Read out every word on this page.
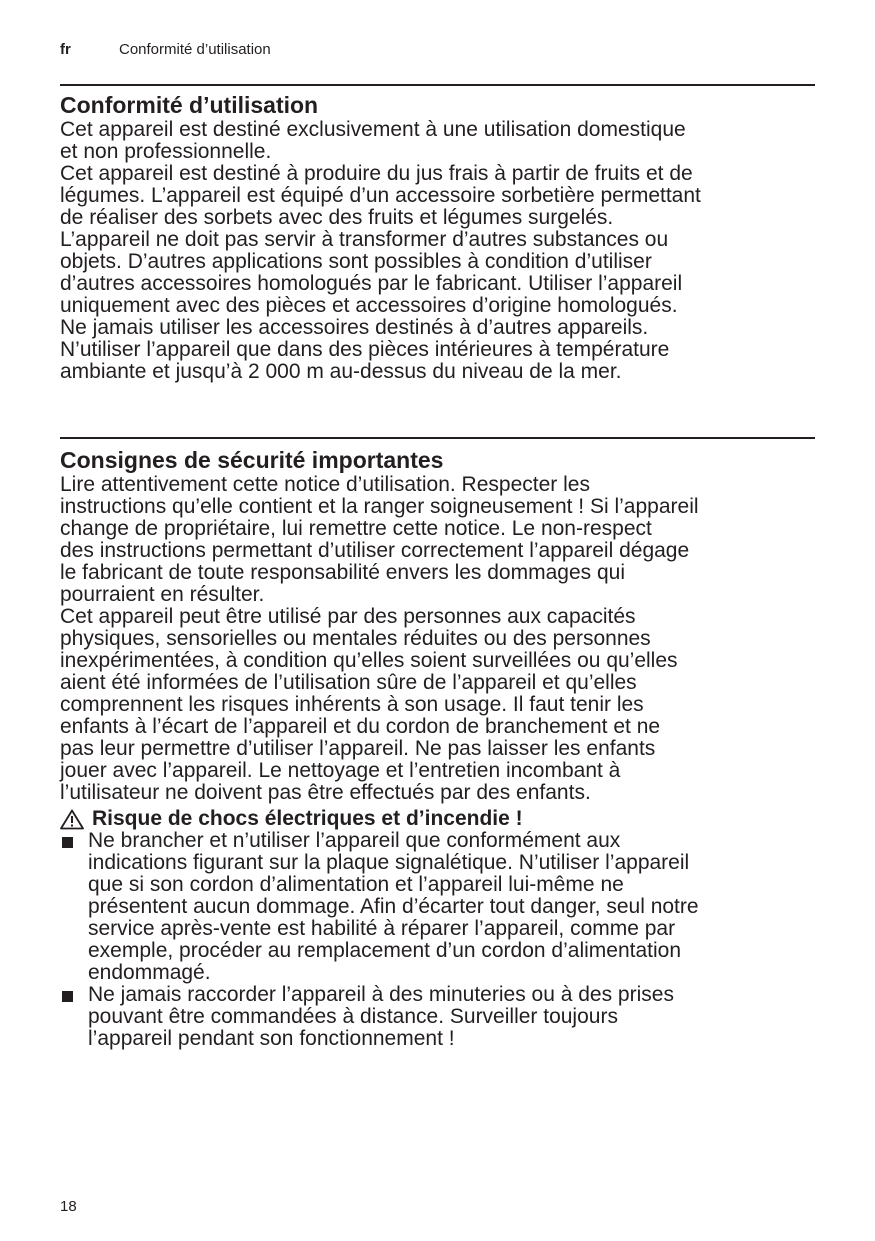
fr	Conformité d’utilisation
Conformité d’utilisation
Cet appareil est destiné exclusivement à une utilisation domestique
et non professionnelle.
Cet appareil est destiné à produire du jus frais à partir de fruits et de
légumes. L’appareil est équipé d’un accessoire sorbetière permettant
de réaliser des sorbets avec des fruits et légumes surgelés.
L’appareil ne doit pas servir à transformer d’autres substances ou
objets. D’autres applications sont possibles à condition d’utiliser
d’autres accessoires homologués par le fabricant. Utiliser l’appareil
uniquement avec des pièces et accessoires d’origine homologués.
Ne jamais utiliser les accessoires destinés à d’autres appareils.
N’utiliser l’appareil que dans des pièces intérieures à température
ambiante et jusqu’à 2 000 m au-dessus du niveau de la mer.
Consignes de sécurité importantes
Lire attentivement cette notice d’utilisation. Respecter les
instructions qu’elle contient et la ranger soigneusement ! Si l’appareil
change de propriétaire, lui remettre cette notice. Le non-respect
des instructions permettant d’utiliser correctement l’appareil dégage
le fabricant de toute responsabilité envers les dommages qui
pourraient en résulter.
Cet appareil peut être utilisé par des personnes aux capacités
physiques, sensorielles ou mentales réduites ou des personnes
inexpérimentées, à condition qu’elles soient surveillées ou qu’elles
aient été informées de l’utilisation sûre de l’appareil et qu’elles
comprennent les risques inhérents à son usage. Il faut tenir les
enfants à l’écart de l’appareil et du cordon de branchement et ne
pas leur permettre d’utiliser l’appareil. Ne pas laisser les enfants
jouer avec l’appareil. Le nettoyage et l’entretien incombant à
l’utilisateur ne doivent pas être effectués par des enfants.
Risque de chocs électriques et d’incendie !
Ne brancher et n’utiliser l’appareil que conformément aux
indications figurant sur la plaque signalétique. N’utiliser l’appareil
que si son cordon d’alimentation et l’appareil lui-même ne
présentent aucun dommage. Afin d’écarter tout danger, seul notre
service après-vente est habilité à réparer l’appareil, comme par
exemple, procéder au remplacement d’un cordon d’alimentation
endommagé.
Ne jamais raccorder l’appareil à des minuteries ou à des prises
pouvant être commandées à distance. Surveiller toujours
l’appareil pendant son fonctionnement !
18
